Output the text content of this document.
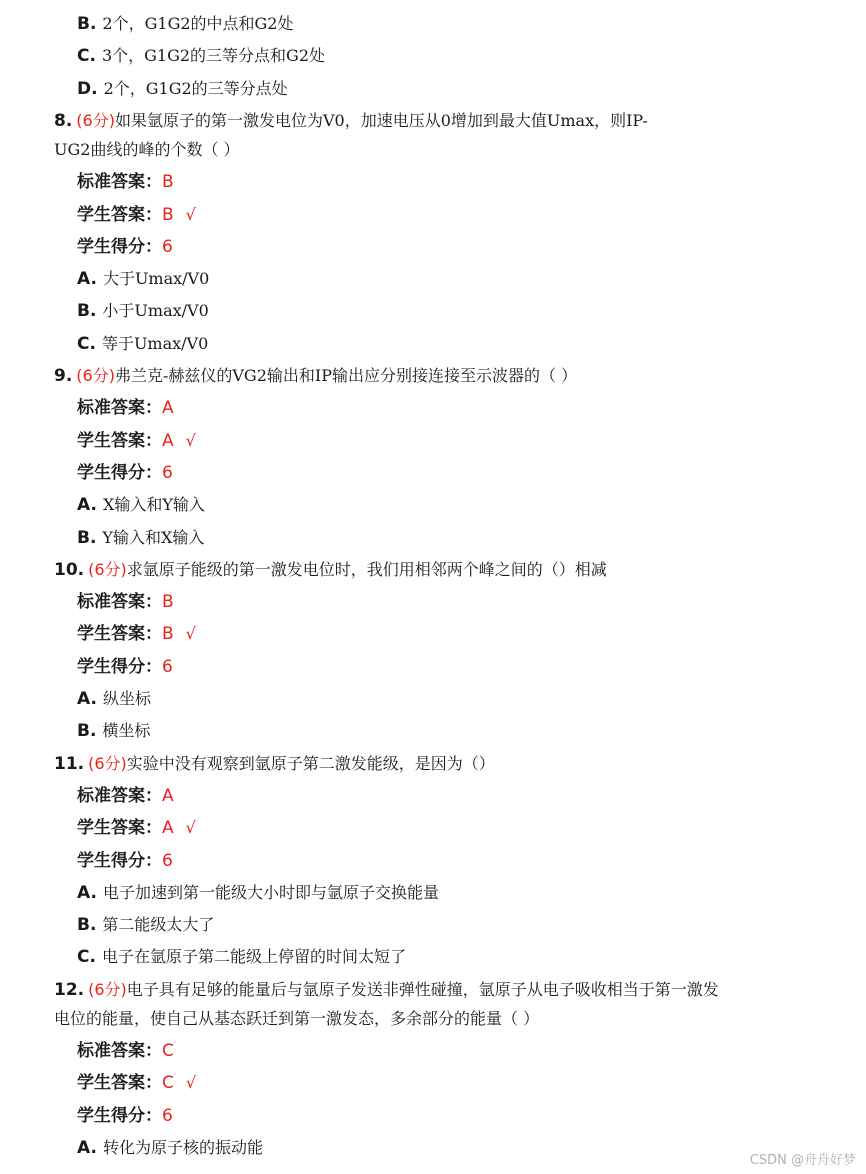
B. 2个，G1G2的中点和G2处
C. 3个，G1G2的三等分点和G2处
D. 2个，G1G2的三等分点处
8. (6分)如果氩原子的第一激发电位为V0，加速电压从0增加到最大值Umax，则IP-
UG2曲线的峰的个数（ ）
标准答案：B
学生答案：B √
学生得分：6
A. 大于Umax/V0
B. 小于Umax/V0
C. 等于Umax/V0
9. (6分)弗兰克-赫兹仪的VG2输出和IP输出应分别接连接至示波器的（ ）
标准答案：A
学生答案：A √
学生得分：6
A. X输入和Y输入
B. Y输入和X输入
10. (6分)求氩原子能级的第一激发电位时，我们用相邻两个峰之间的（）相减
标准答案：B
学生答案：B √
学生得分：6
A. 纵坐标
B. 横坐标
11. (6分)实验中没有观察到氩原子第二激发能级，是因为（）
标准答案：A
学生答案：A √
学生得分：6
A. 电子加速到第一能级大小时即与氩原子交换能量
B. 第二能级太大了
C. 电子在氩原子第二能级上停留的时间太短了
12. (6分)电子具有足够的能量后与氩原子发送非弹性碰撞，氩原子从电子吸收相当于第一激发
电位的能量，使自己从基态跃迁到第一激发态，多余部分的能量（ ）
标准答案：C
学生答案：C √
学生得分：6
A. 转化为原子核的振动能
CSDN @舟舟好梦
